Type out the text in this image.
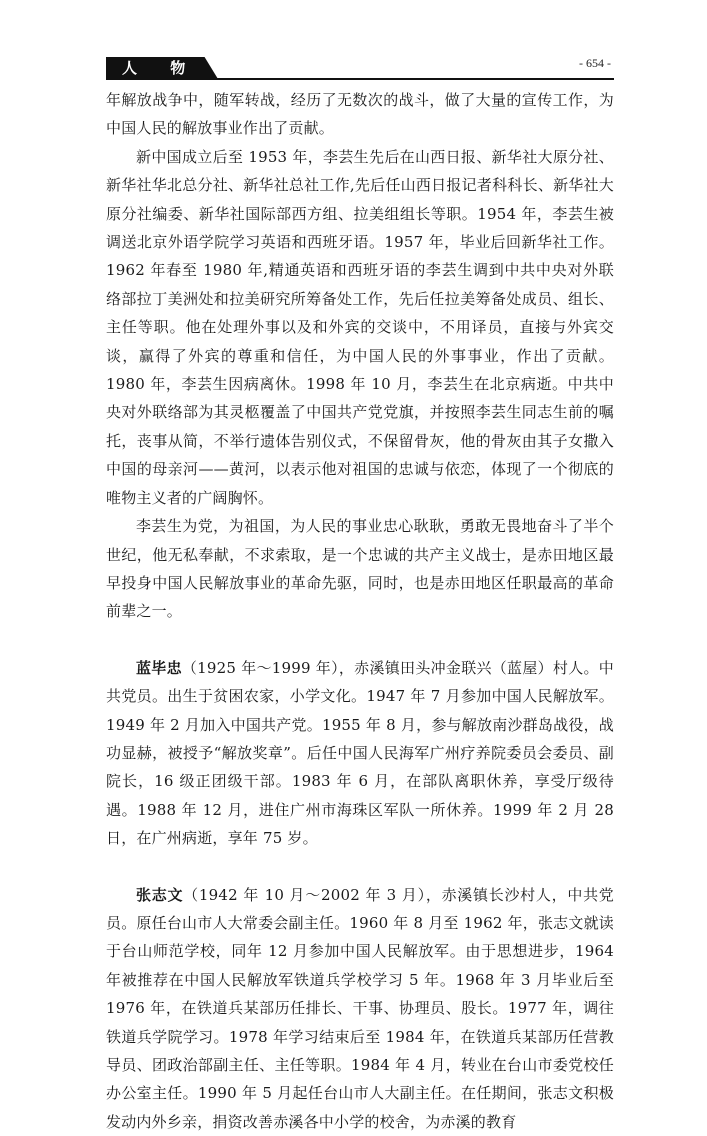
人 物	- 654 -

年解放战争中，随军转战，经历了无数次的战斗，做了大量的宣传工作，为中国人民的解放事业作出了贡献。

新中国成立后至 1953 年，李芸生先后在山西日报、新华社大原分社、新华社华北总分社、新华社总社工作,先后任山西日报记者科科长、新华社大原分社编委、新华社国际部西方组、拉美组组长等职。1954 年，李芸生被调送北京外语学院学习英语和西班牙语。1957 年，毕业后回新华社工作。1962 年春至 1980 年,精通英语和西班牙语的李芸生调到中共中央对外联络部拉丁美洲处和拉美研究所筹备处工作，先后任拉美筹备处成员、组长、主任等职。他在处理外事以及和外宾的交谈中，不用译员，直接与外宾交谈，赢得了外宾的尊重和信任，为中国人民的外事事业，作出了贡献。1980 年，李芸生因病离休。1998 年 10 月，李芸生在北京病逝。中共中央对外联络部为其灵柩覆盖了中国共产党党旗，并按照李芸生同志生前的嘱托，丧事从简，不举行遗体告别仪式，不保留骨灰，他的骨灰由其子女撒入中国的母亲河——黄河，以表示他对祖国的忠诚与依恋，体现了一个彻底的唯物主义者的广阔胸怀。

李芸生为党，为祖国，为人民的事业忠心耿耿，勇敢无畏地奋斗了半个世纪，他无私奉献，不求索取，是一个忠诚的共产主义战士，是赤田地区最早投身中国人民解放事业的革命先驱，同时，也是赤田地区任职最高的革命前辈之一。

蓝毕忠（1925 年～1999 年），赤溪镇田头冲金联兴（蓝屋）村人。中共党员。出生于贫困农家，小学文化。1947 年 7 月参加中国人民解放军。1949 年 2 月加入中国共产党。1955 年 8 月，参与解放南沙群岛战役，战功显赫，被授予“解放奖章”。后任中国人民海军广州疗养院委员会委员、副院长，16 级正团级干部。1983 年 6 月，在部队离职休养，享受厅级待遇。1988 年 12 月，进住广州市海珠区军队一所休养。1999 年 2 月 28 日，在广州病逝，享年 75 岁。

张志文（1942 年 10 月～2002 年 3 月），赤溪镇长沙村人，中共党员。原任台山市人大常委会副主任。1960 年 8 月至 1962 年，张志文就读于台山师范学校，同年 12 月参加中国人民解放军。由于思想进步，1964 年被推荐在中国人民解放军铁道兵学校学习 5 年。1968 年 3 月毕业后至 1976 年，在铁道兵某部历任排长、干事、协理员、股长。1977 年，调往铁道兵学院学习。1978 年学习结束后至 1984 年，在铁道兵某部历任营教导员、团政治部副主任、主任等职。1984 年 4 月，转业在台山市委党校任办公室主任。1990 年 5 月起任台山市人大副主任。在任期间，张志文积极发动内外乡亲，捐资改善赤溪各中小学的校舍，为赤溪的教育
